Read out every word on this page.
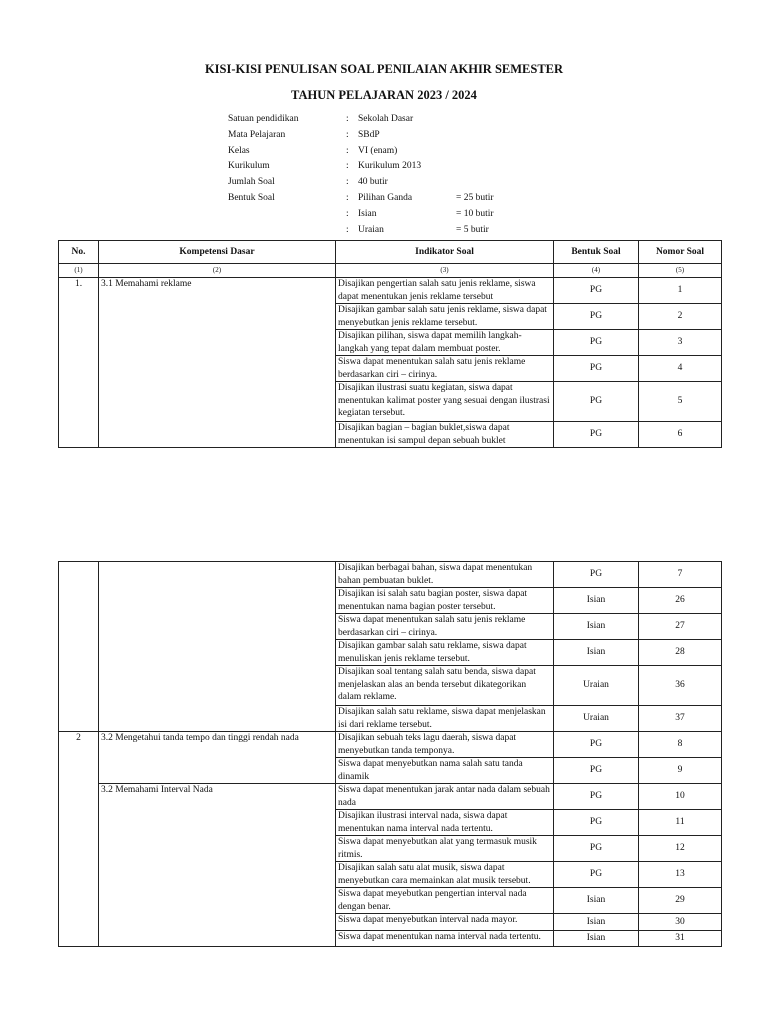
KISI-KISI PENULISAN SOAL PENILAIAN AKHIR SEMESTER
TAHUN PELAJARAN 2023 / 2024
Satuan pendidikan	: Sekolah Dasar
Mata Pelajaran	: SBdP
Kelas	: VI (enam)
Kurikulum	: Kurikulum 2013
Jumlah Soal	: 40 butir
Bentuk Soal	: Pilihan Ganda	= 25 butir
: Isian	= 10 butir
: Uraian	= 5 butir
No.	Kompetensi Dasar	Indikator Soal	Bentuk Soal	Nomor Soal
(1)	(2)	(3)	(4)	(5)
1.	3.1 Memahami reklame	Disajikan pengertian salah satu jenis reklame, siswa dapat menentukan jenis reklame tersebut	PG	1
		Disajikan gambar salah satu jenis reklame, siswa dapat menyebutkan jenis reklame tersebut.	PG	2
		Disajikan pilihan, siswa dapat memilih langkah-langkah yang tepat dalam membuat poster.	PG	3
		Siswa dapat menentukan salah satu jenis reklame berdasarkan ciri – cirinya.	PG	4
		Disajikan ilustrasi suatu kegiatan, siswa dapat menentukan kalimat poster yang sesuai dengan ilustrasi kegiatan tersebut.	PG	5
		Disajikan bagian – bagian buklet,siswa dapat menentukan isi sampul depan sebuah buklet	PG	6
		Disajikan berbagai bahan, siswa dapat menentukan bahan pembuatan buklet.	PG	7
		Disajikan isi salah satu bagian poster, siswa dapat menentukan nama bagian poster tersebut.	Isian	26
		Siswa dapat menentukan salah satu jenis reklame berdasarkan ciri – cirinya.	Isian	27
		Disajikan gambar salah satu reklame, siswa dapat menuliskan jenis reklame tersebut.	Isian	28
		Disajikan soal tentang salah satu benda, siswa dapat menjelaskan alas an benda tersebut dikategorikan dalam reklame.	Uraian	36
		Disajikan salah satu reklame, siswa dapat menjelaskan isi dari reklame tersebut.	Uraian	37
2	3.2 Mengetahui tanda tempo dan tinggi rendah nada	Disajikan sebuah teks lagu daerah, siswa dapat menyebutkan tanda temponya.	PG	8
		Siswa dapat menyebutkan nama salah satu tanda dinamik	PG	9
	3.2 Memahami Interval Nada	Siswa dapat menentukan jarak antar nada dalam sebuah nada	PG	10
		Disajikan ilustrasi interval nada, siswa dapat menentukan nama interval nada tertentu.	PG	11
		Siswa dapat menyebutkan alat yang termasuk musik ritmis.	PG	12
		Disajikan salah satu alat musik, siswa dapat menyebutkan cara memainkan alat musik tersebut.	PG	13
		Siswa dapat meyebutkan pengertian interval nada dengan benar.	Isian	29
		Siswa dapat menyebutkan interval nada mayor.	Isian	30
		Siswa dapat menentukan nama interval nada tertentu.	Isian	31
